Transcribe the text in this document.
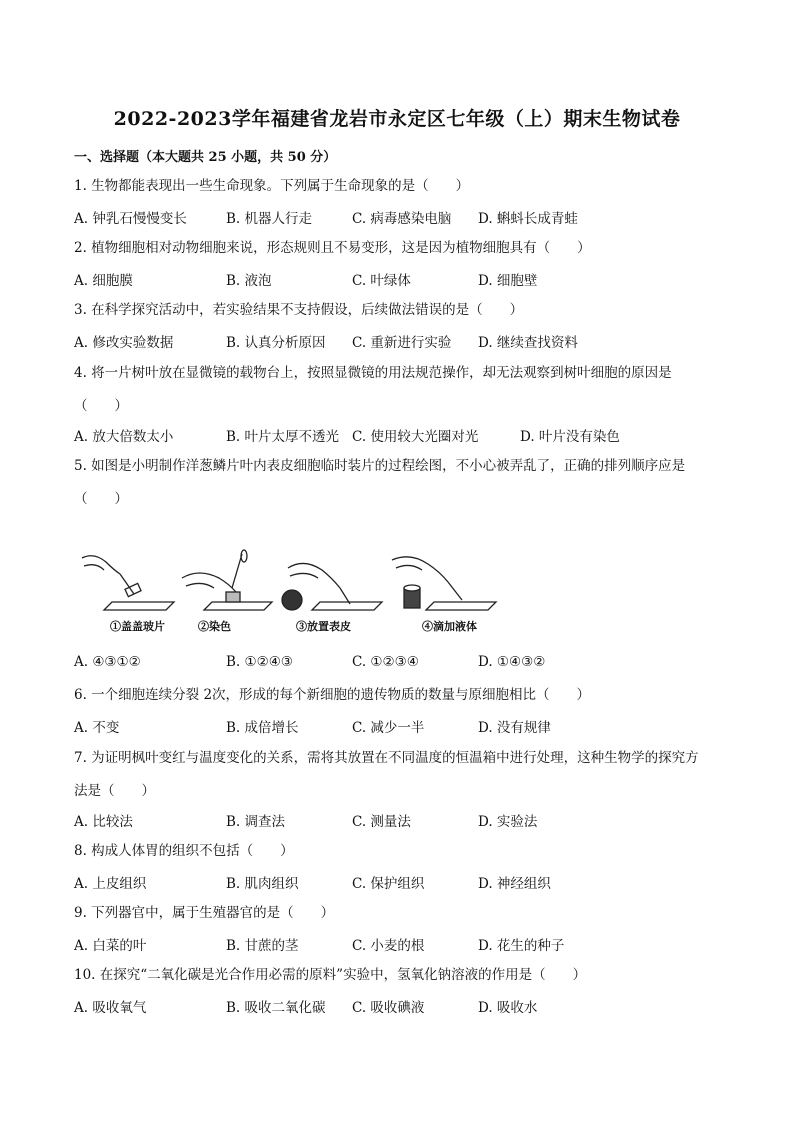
2022-2023学年福建省龙岩市永定区七年级（上）期末生物试卷
一、选择题（本大题共 25 小题，共 50 分）
1. 生物都能表现出一些生命现象。下列属于生命现象的是（　　）
A. 钟乳石慢慢变长	B. 机器人行走	C. 病毒感染电脑 D. 蝌蚪长成青蛙
2. 植物细胞相对动物细胞来说，形态规则且不易变形，这是因为植物细胞具有（　　）
A. 细胞膜	B. 液泡	C. 叶绿体	D. 细胞壁
3. 在科学探究活动中，若实验结果不支持假设，后续做法错误的是（　　）
A. 修改实验数据	B. 认真分析原因 C. 重新进行实验 D. 继续查找资料
4. 将一片树叶放在显微镜的载物台上，按照显微镜的用法规范操作，却无法观察到树叶细胞的原因是
（　　）
A. 放大倍数太小	B. 叶片太厚不透光 C. 使用较大光圈对光	D. 叶片没有染色
5. 如图是小明制作洋葱鳞片叶内表皮细胞临时装片的过程绘图，不小心被弄乱了，正确的排列顺序应是
（　　）
①盖盖玻片	②染色	③放置表皮	④滴加液体
A. ④③①②	B. ①②④③	C. ①②③④	D. ①④③②
6. 一个细胞连续分裂 2次，形成的每个新细胞的遗传物质的数量与原细胞相比（　　）
A. 不变	B. 成倍增长	C. 减少一半	D. 没有规律
7. 为证明枫叶变红与温度变化的关系，需将其放置在不同温度的恒温箱中进行处理，这种生物学的探究方
法是（　　）
A. 比较法	B. 调查法	C. 测量法	D. 实验法
8. 构成人体胃的组织不包括（　　）
A. 上皮组织	B. 肌肉组织	C. 保护组织	D. 神经组织
9. 下列器官中，属于生殖器官的是（　　）
A. 白菜的叶	B. 甘蔗的茎	C. 小麦的根	D. 花生的种子
10. 在探究“二氧化碳是光合作用必需的原料”实验中，氢氧化钠溶液的作用是（　　）
A. 吸收氧气	B. 吸收二氧化碳 C. 吸收碘液	D. 吸收水
